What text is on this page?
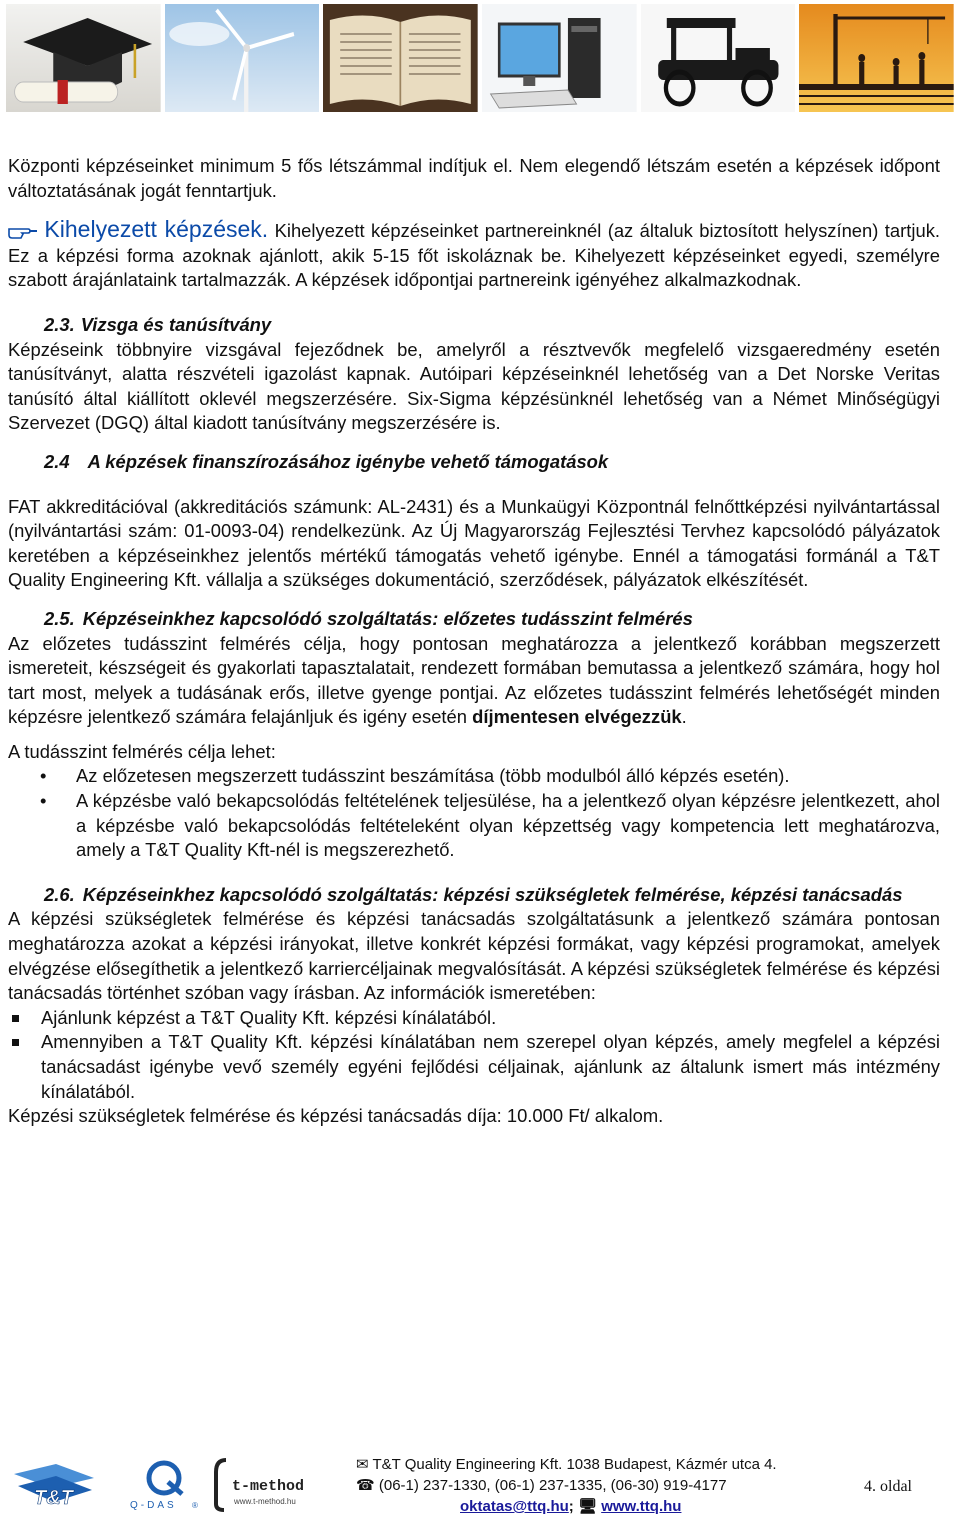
Központi képzéseinket minimum 5 fős létszámmal indítjuk el. Nem elegendő létszám esetén a képzések időpont változtatásának jogát fenntartjuk.

Kihelyezett képzések. Kihelyezett képzéseinket partnereinknél (az általuk biztosított helyszínen) tartjuk. Ez a képzési forma azoknak ajánlott, akik 5-15 főt iskoláznak be. Kihelyezett képzéseinket egyedi, személyre szabott árajánlataink tartalmazzák. A képzések időpontjai partnereink igényéhez alkalmazkodnak.

2.3. Vizsga és tanúsítvány

Képzéseink többnyire vizsgával fejeződnek be, amelyről a résztvevők megfelelő vizsgaeredmény esetén tanúsítványt, alatta részvételi igazolást kapnak. Autóipari képzéseinknél lehetőség van a Det Norske Veritas tanúsító által kiállított oklevél megszerzésére. Six-Sigma képzésünknél lehetőség van a Német Minőségügyi Szervezet (DGQ) által kiadott tanúsítvány megszerzésére is.

2.4 A képzések finanszírozásához igénybe vehető támogatások

FAT akkreditációval (akkreditációs számunk: AL-2431) és a Munkaügyi Központnál felnőttképzési nyilvántartással (nyilvántartási szám: 01-0093-04) rendelkezünk. Az Új Magyarország Fejlesztési Tervhez kapcsolódó pályázatok keretében a képzéseinkhez jelentős mértékű támogatás vehető igénybe. Ennél a támogatási formánál a T&T Quality Engineering Kft. vállalja a szükséges dokumentáció, szerződések, pályázatok elkészítését.

2.5. Képzéseinkhez kapcsolódó szolgáltatás: előzetes tudásszint felmérés

Az előzetes tudásszint felmérés célja, hogy pontosan meghatározza a jelentkező korábban megszerzett ismereteit, készségeit és gyakorlati tapasztalatait, rendezett formában bemutassa a jelentkező számára, hogy hol tart most, melyek a tudásának erős, illetve gyenge pontjai. Az előzetes tudásszint felmérés lehetőségét minden képzésre jelentkező számára felajánljuk és igény esetén díjmentesen elvégezzük.

A tudásszint felmérés célja lehet:

• Az előzetesen megszerzett tudásszint beszámítása (több modulból álló képzés esetén).
• A képzésbe való bekapcsolódás feltételének teljesülése, ha a jelentkező olyan képzésre jelentkezett, ahol a képzésbe való bekapcsolódás feltételeként olyan képzettség vagy kompetencia lett meghatározva, amely a T&T Quality Kft-nél is megszerezhető.

2.6. Képzéseinkhez kapcsolódó szolgáltatás: képzési szükségletek felmérése, képzési tanácsadás

A képzési szükségletek felmérése és képzési tanácsadás szolgáltatásunk a jelentkező számára pontosan meghatározza azokat a képzési irányokat, illetve konkrét képzési formákat, vagy képzési programokat, amelyek elvégzése elősegíthetik a jelentkező karriercéljainak megvalósítását. A képzési szükségletek felmérése és képzési tanácsadás történhet szóban vagy írásban. Az információk ismeretében:

Ajánlunk képzést a T&T Quality Kft. képzési kínálatából.
Amennyiben a T&T Quality Kft. képzési kínálatában nem szerepel olyan képzés, amely megfelel a képzési tanácsadást igénybe vevő személy egyéni fejlődési céljainak, ajánlunk az általunk ismert más intézmény kínálatából.

Képzési szükségletek felmérése és képzési tanácsadás díja: 10.000 Ft/ alkalom.

T&T	Q-DAS ®
t-method
www.t-method.hu
✉ T&T Quality Engineering Kft. 1038 Budapest, Kázmér utca 4.
☎ (06-1) 237-1330, (06-1) 237-1335, (06-30) 919-4177
oktatas@ttq.hu; 🖥 www.ttq.hu
4. oldal
